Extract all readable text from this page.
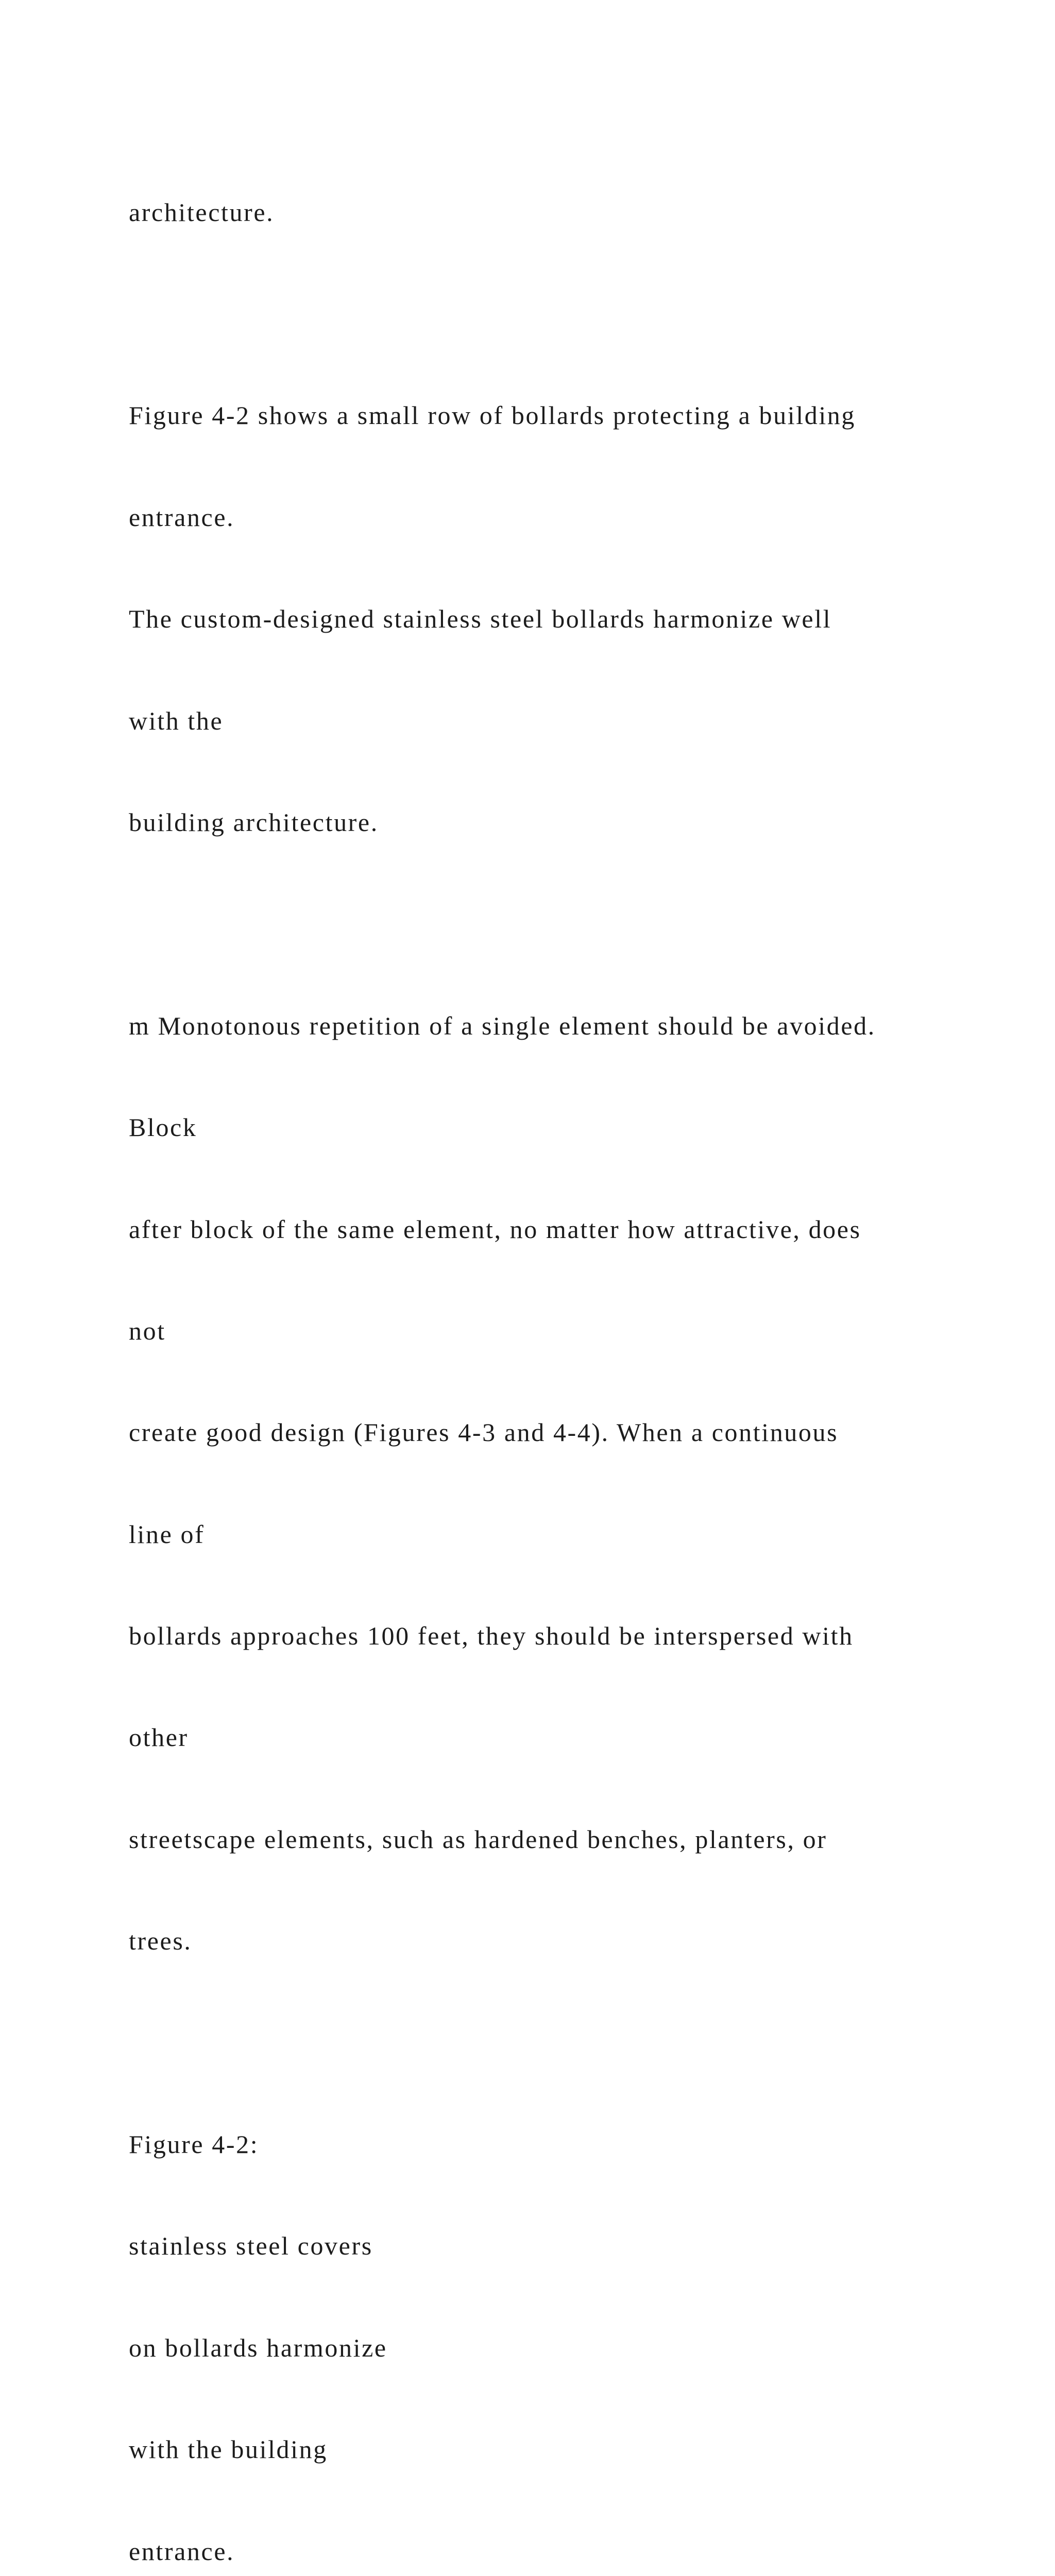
architecture.

Figure 4-2 shows a small row of bollards protecting a building

entrance.

The custom-designed stainless steel bollards harmonize well

with the

building architecture.

m Monotonous repetition of a single element should be avoided.

Block

after block of the same element, no matter how attractive, does

not

create good design (Figures 4-3 and 4-4). When a continuous

line of

bollards approaches 100 feet, they should be interspersed with

other

streetscape elements, such as hardened benches, planters, or

trees.

Figure 4-2:

stainless steel covers

on bollards harmonize

with the building

entrance.
